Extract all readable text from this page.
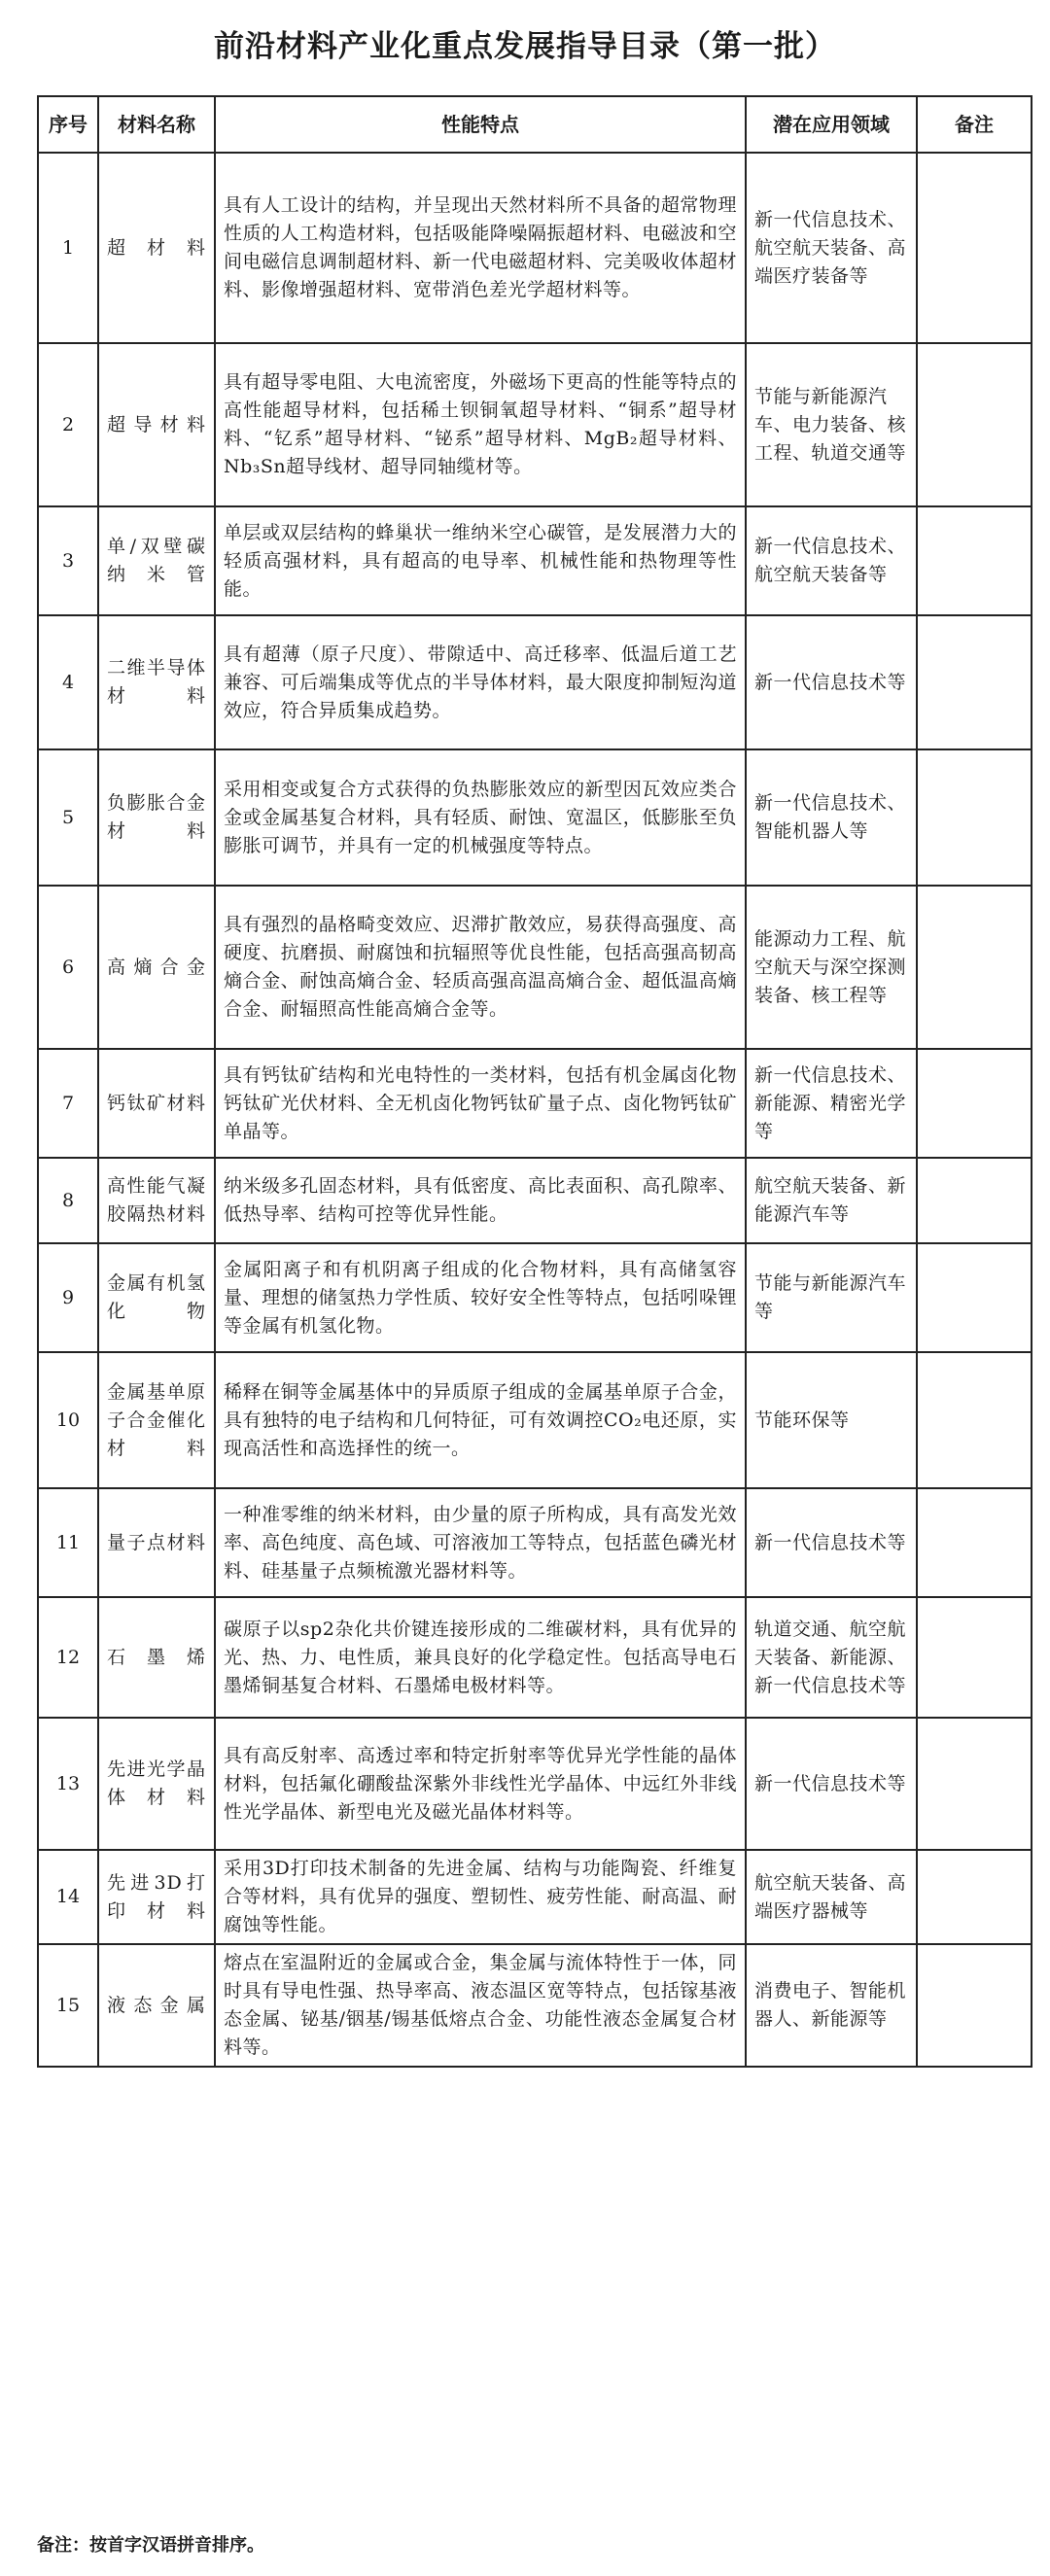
前沿材料产业化重点发展指导目录（第一批）
序号	材料名称	性能特点	潜在应用领域	备注
1	超材料	具有人工设计的结构，并呈现出天然材料所不具备的超常物理性质的人工构造材料，包括吸能降噪隔振超材料、电磁波和空间电磁信息调制超材料、新一代电磁超材料、完美吸收体超材料、影像增强超材料、宽带消色差光学超材料等。	新一代信息技术、航空航天装备、高端医疗装备等	
2	超导材料	具有超导零电阻、大电流密度，外磁场下更高的性能等特点的高性能超导材料，包括稀土钡铜氧超导材料、“铜系”超导材料、“钇系”超导材料、“铋系”超导材料、MgB₂超导材料、Nb₃Sn超导线材、超导同轴缆材等。	节能与新能源汽车、电力装备、核工程、轨道交通等	
3	单/双壁碳纳米管	单层或双层结构的蜂巢状一维纳米空心碳管，是发展潜力大的轻质高强材料，具有超高的电导率、机械性能和热物理等性能。	新一代信息技术、航空航天装备等	
4	二维半导体材料	具有超薄（原子尺度）、带隙适中、高迁移率、低温后道工艺兼容、可后端集成等优点的半导体材料，最大限度抑制短沟道效应，符合异质集成趋势。	新一代信息技术等	
5	负膨胀合金材料	采用相变或复合方式获得的负热膨胀效应的新型因瓦效应类合金或金属基复合材料，具有轻质、耐蚀、宽温区，低膨胀至负膨胀可调节，并具有一定的机械强度等特点。	新一代信息技术、智能机器人等	
6	高熵合金	具有强烈的晶格畸变效应、迟滞扩散效应，易获得高强度、高硬度、抗磨损、耐腐蚀和抗辐照等优良性能，包括高强高韧高熵合金、耐蚀高熵合金、轻质高强高温高熵合金、超低温高熵合金、耐辐照高性能高熵合金等。	能源动力工程、航空航天与深空探测装备、核工程等	
7	钙钛矿材料	具有钙钛矿结构和光电特性的一类材料，包括有机金属卤化物钙钛矿光伏材料、全无机卤化物钙钛矿量子点、卤化物钙钛矿单晶等。	新一代信息技术、新能源、精密光学等	
8	高性能气凝胶隔热材料	纳米级多孔固态材料，具有低密度、高比表面积、高孔隙率、低热导率、结构可控等优异性能。	航空航天装备、新能源汽车等	
9	金属有机氢化物	金属阳离子和有机阴离子组成的化合物材料，具有高储氢容量、理想的储氢热力学性质、较好安全性等特点，包括吲哚锂等金属有机氢化物。	节能与新能源汽车等	
10	金属基单原子合金催化材料	稀释在铜等金属基体中的异质原子组成的金属基单原子合金，具有独特的电子结构和几何特征，可有效调控CO₂电还原，实现高活性和高选择性的统一。	节能环保等	
11	量子点材料	一种准零维的纳米材料，由少量的原子所构成，具有高发光效率、高色纯度、高色域、可溶液加工等特点，包括蓝色磷光材料、硅基量子点频梳激光器材料等。	新一代信息技术等	
12	石墨烯	碳原子以sp2杂化共价键连接形成的二维碳材料，具有优异的光、热、力、电性质，兼具良好的化学稳定性。包括高导电石墨烯铜基复合材料、石墨烯电极材料等。	轨道交通、航空航天装备、新能源、新一代信息技术等	
13	先进光学晶体材料	具有高反射率、高透过率和特定折射率等优异光学性能的晶体材料，包括氟化硼酸盐深紫外非线性光学晶体、中远红外非线性光学晶体、新型电光及磁光晶体材料等。	新一代信息技术等	
14	先进3D打印材料	采用3D打印技术制备的先进金属、结构与功能陶瓷、纤维复合等材料，具有优异的强度、塑韧性、疲劳性能、耐高温、耐腐蚀等性能。	航空航天装备、高端医疗器械等	
15	液态金属	熔点在室温附近的金属或合金，集金属与流体特性于一体，同时具有导电性强、热导率高、液态温区宽等特点，包括镓基液态金属、铋基/铟基/锡基低熔点合金、功能性液态金属复合材料等。	消费电子、智能机器人、新能源等	
备注：按首字汉语拼音排序。
